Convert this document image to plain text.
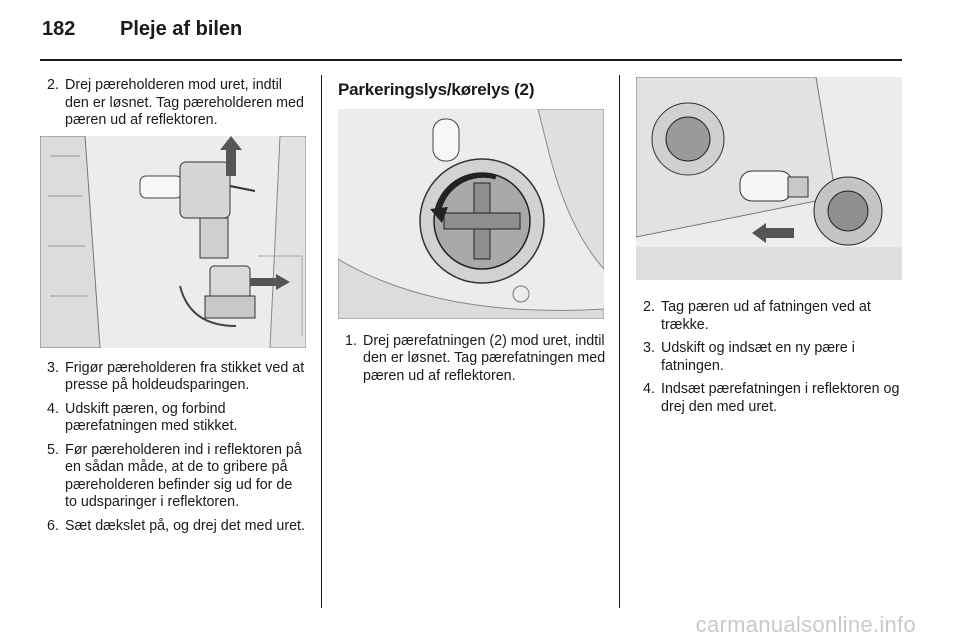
182 Pleje af bilen
2. Drej pæreholderen mod uret, indtil den er løsnet. Tag pæreholderen med pæren ud af reflektoren.
3. Frigør pæreholderen fra stikket ved at presse på holdeudsparingen.
4. Udskift pæren, og forbind pærefatningen med stikket.
5. Før pæreholderen ind i reflektoren på en sådan måde, at de to gribere på pæreholderen befinder sig ud for de to udsparinger i reflektoren.
6. Sæt dækslet på, og drej det med uret.
Parkeringslys/kørelys (2)
1. Drej pærefatningen (2) mod uret, indtil den er løsnet. Tag pærefatningen med pæren ud af reflektoren.
2. Tag pæren ud af fatningen ved at trække.
3. Udskift og indsæt en ny pære i fatningen.
4. Indsæt pærefatningen i reflektoren og drej den med uret.
carmanualsonline.info
